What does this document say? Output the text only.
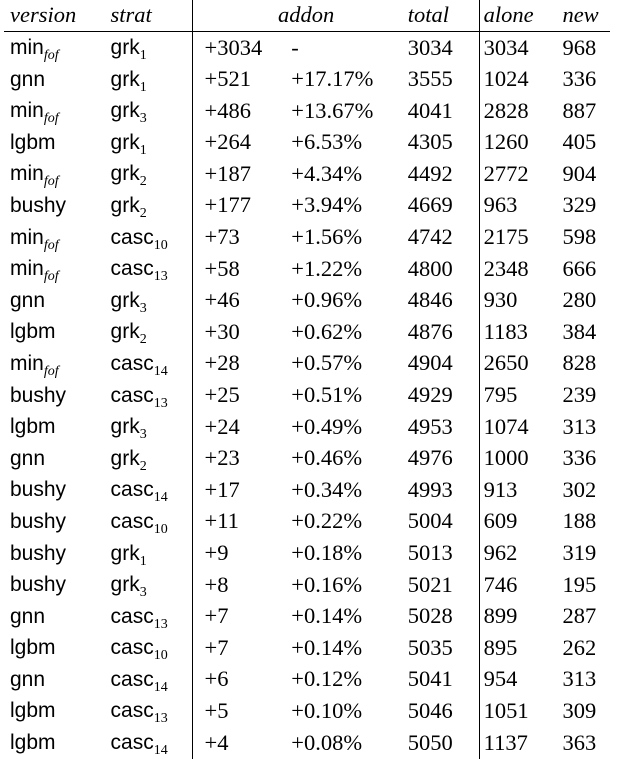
version	strat	addon		total	alone	new
$\min_{fof}$	grk$_1$	+3034	-	3034	3034	968
gnn	grk$_1$	+521	+17.17%	3555	1024	336
$\min_{fof}$	grk$_3$	+486	+13.67%	4041	2828	887
lgbm	grk$_1$	+264	+6.53%	4305	1260	405
$\min_{fof}$	grk$_2$	+187	+4.34%	4492	2772	904
bushy	grk$_2$	+177	+3.94%	4669	963	329
$\min_{fof}$	casc$_{10}$	+73	+1.56%	4742	2175	598
$\min_{fof}$	casc$_{13}$	+58	+1.22%	4800	2348	666
gnn	grk$_3$	+46	+0.96%	4846	930	280
lgbm	grk$_2$	+30	+0.62%	4876	1183	384
$\min_{fof}$	casc$_{14}$	+28	+0.57%	4904	2650	828
bushy	casc$_{13}$	+25	+0.51%	4929	795	239
lgbm	grk$_3$	+24	+0.49%	4953	1074	313
gnn	grk$_2$	+23	+0.46%	4976	1000	336
bushy	casc$_{14}$	+17	+0.34%	4993	913	302
bushy	casc$_{10}$	+11	+0.22%	5004	609	188
bushy	grk$_1$	+9	+0.18%	5013	962	319
bushy	grk$_3$	+8	+0.16%	5021	746	195
gnn	casc$_{13}$	+7	+0.14%	5028	899	287
lgbm	casc$_{10}$	+7	+0.14%	5035	895	262
gnn	casc$_{14}$	+6	+0.12%	5041	954	313
lgbm	casc$_{13}$	+5	+0.10%	5046	1051	309
lgbm	casc$_{14}$	+4	+0.08%	5050	1137	363
